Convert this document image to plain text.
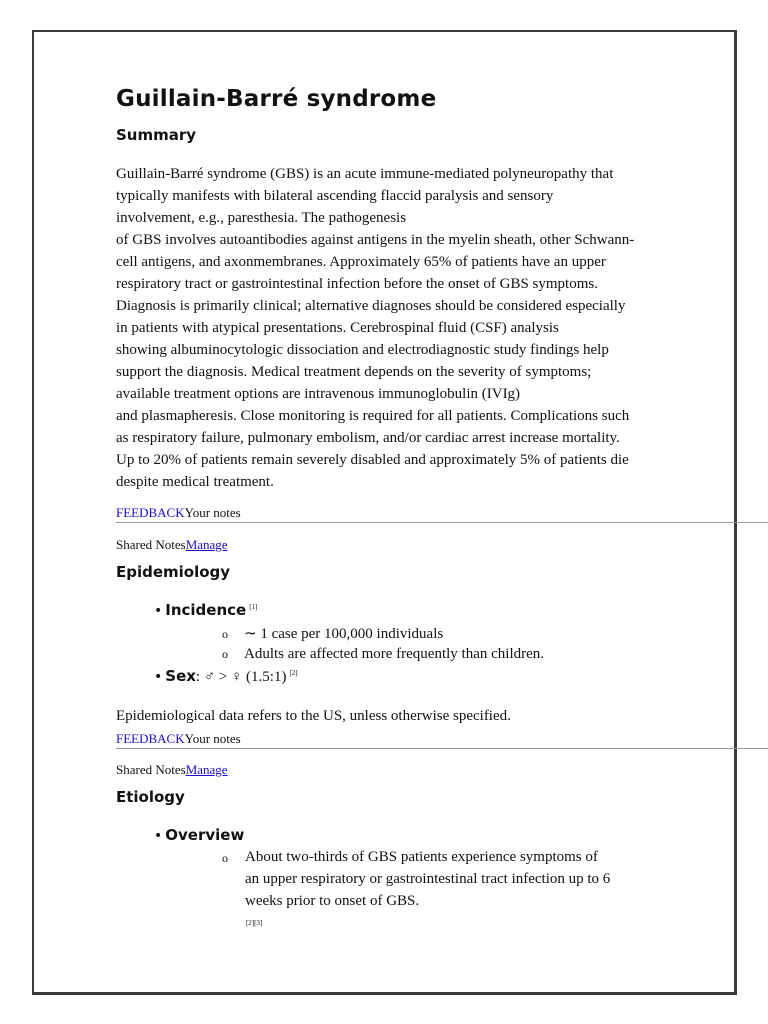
Guillain-Barré syndrome
Summary
Guillain-Barré syndrome (GBS) is an acute immune-mediated polyneuropathy that
typically manifests with bilateral ascending flaccid paralysis and sensory
involvement, e.g., paresthesia. The pathogenesis
of GBS involves autoantibodies against antigens in the myelin sheath, other Schwann-
cell antigens, and axonmembranes. Approximately 65% of patients have an upper
respiratory tract or gastrointestinal infection before the onset of GBS symptoms.
Diagnosis is primarily clinical; alternative diagnoses should be considered especially
in patients with atypical presentations. Cerebrospinal fluid (CSF) analysis
showing albuminocytologic dissociation and electrodiagnostic study findings help
support the diagnosis. Medical treatment depends on the severity of symptoms;
available treatment options are intravenous immunoglobulin (IVIg)
and plasmapheresis. Close monitoring is required for all patients. Complications such
as respiratory failure, pulmonary embolism, and/or cardiac arrest increase mortality.
Up to 20% of patients remain severely disabled and approximately 5% of patients die
despite medical treatment.
FEEDBACKYour notes
Shared NotesManage
Epidemiology
• Incidence [1]
o ∼ 1 case per 100,000 individuals
o Adults are affected more frequently than children.
• Sex: ♂ > ♀ (1.5:1) [2]
Epidemiological data refers to the US, unless otherwise specified.
FEEDBACKYour notes
Shared NotesManage
Etiology
• Overview
o	About two-thirds of GBS patients experience symptoms of
an upper respiratory or gastrointestinal tract infection up to 6
weeks prior to onset of GBS.
[2][3]
